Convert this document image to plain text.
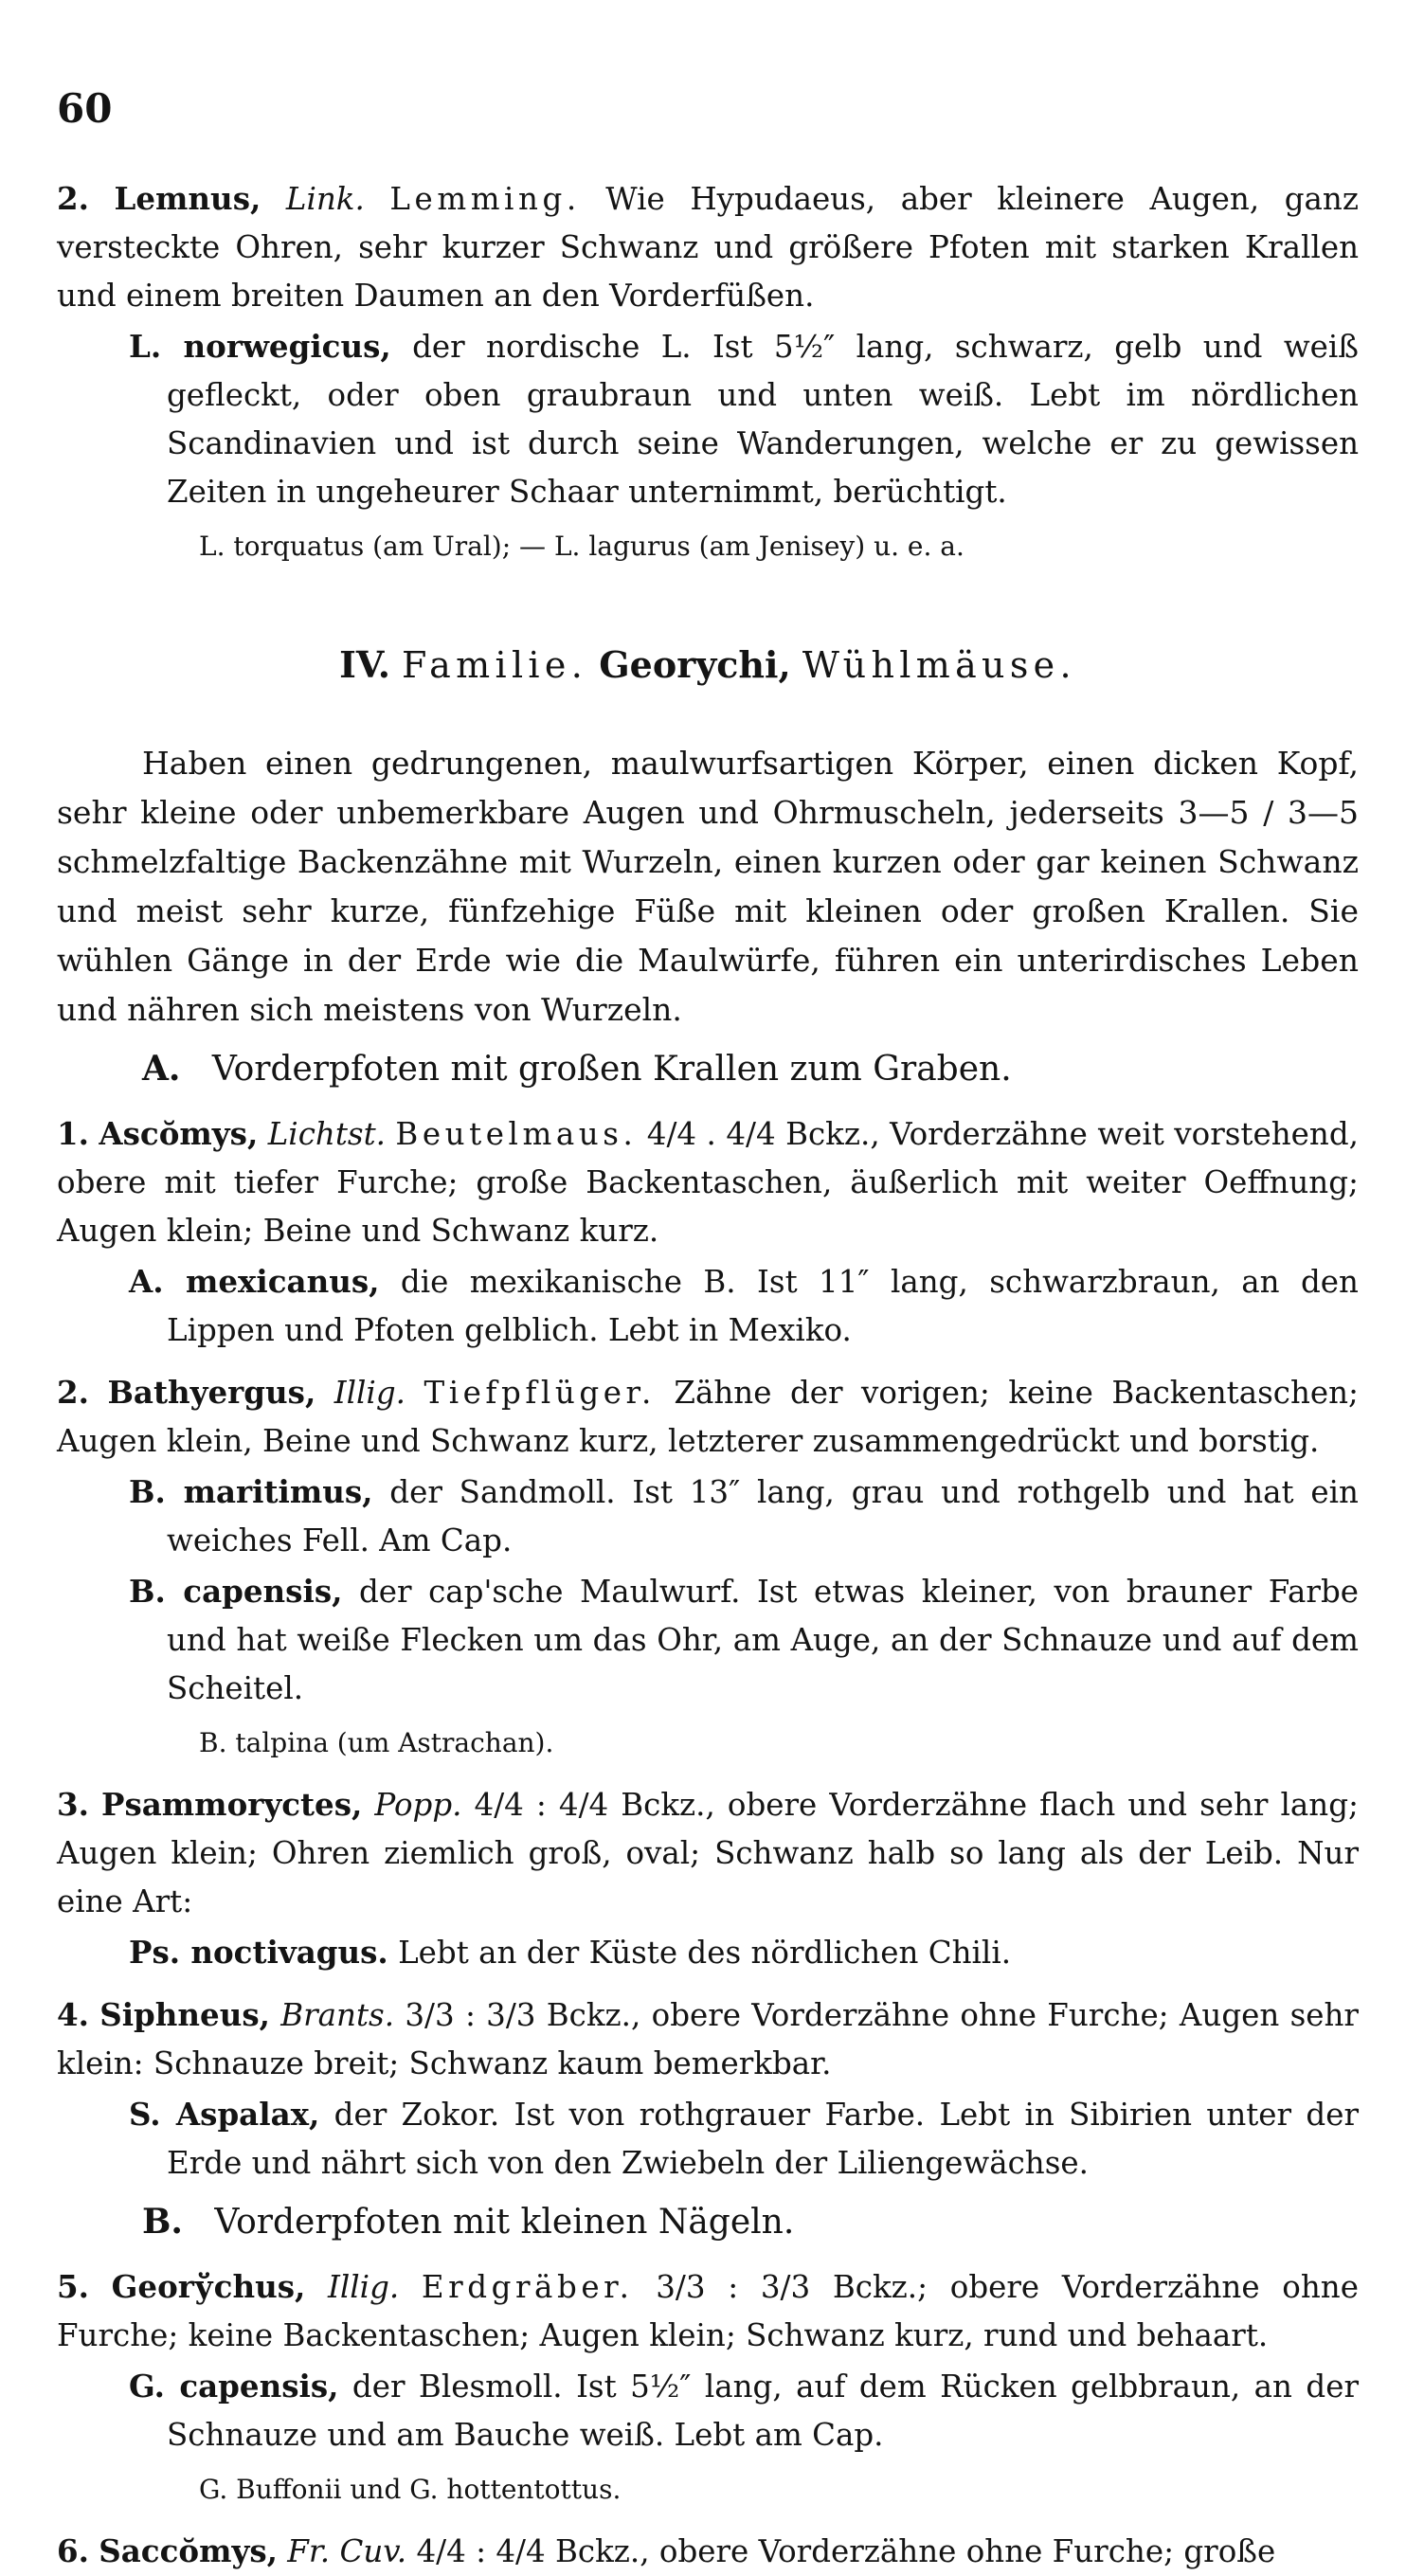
60
2. Lemnus, Link. Lemming. Wie Hypudaeus, aber kleinere Augen, ganz versteckte Ohren, sehr kurzer Schwanz und größere Pfoten mit starken Krallen und einem breiten Daumen an den Vorderfüßen.
L. norwegicus, der nordische L. Ist 5½″ lang, schwarz, gelb und weiß gefleckt, oder oben graubraun und unten weiß. Lebt im nördlichen Scandinavien und ist durch seine Wanderungen, welche er zu gewissen Zeiten in ungeheurer Schaar unternimmt, berüchtigt.
L. torquatus (am Ural); — L. lagurus (am Jenisey) u. e. a.
IV. Familie. Georychi, Wühlmäuse.
Haben einen gedrungenen, maulwurfsartigen Körper, einen dicken Kopf, sehr kleine oder unbemerkbare Augen und Ohrmuscheln, jederseits 3—5 / 3—5 schmelzfaltige Backenzähne mit Wurzeln, einen kurzen oder gar keinen Schwanz und meist sehr kurze, fünfzehige Füße mit kleinen oder großen Krallen. Sie wühlen Gänge in der Erde wie die Maulwürfe, führen ein unterirdisches Leben und nähren sich meistens von Wurzeln.
A. Vorderpfoten mit großen Krallen zum Graben.
1. Ascŏmys, Lichtst. Beutelmaus. 4/4 . 4/4 Bckz., Vorderzähne weit vorstehend, obere mit tiefer Furche; große Backentaschen, äußerlich mit weiter Oeffnung; Augen klein; Beine und Schwanz kurz.
A. mexicanus, die mexikanische B. Ist 11″ lang, schwarzbraun, an den Lippen und Pfoten gelblich. Lebt in Mexiko.
2. Bathyergus, Illig. Tiefpflüger. Zähne der vorigen; keine Backentaschen; Augen klein, Beine und Schwanz kurz, letzterer zusammengedrückt und borstig.
B. maritimus, der Sandmoll. Ist 13″ lang, grau und rothgelb und hat ein weiches Fell. Am Cap.
B. capensis, der cap'sche Maulwurf. Ist etwas kleiner, von brauner Farbe und hat weiße Flecken um das Ohr, am Auge, an der Schnauze und auf dem Scheitel.
B. talpina (um Astrachan).
3. Psammoryctes, Popp. 4/4 : 4/4 Bckz., obere Vorderzähne flach und sehr lang; Augen klein; Ohren ziemlich groß, oval; Schwanz halb so lang als der Leib. Nur eine Art:
Ps. noctivagus. Lebt an der Küste des nördlichen Chili.
4. Siphneus, Brants. 3/3 : 3/3 Bckz., obere Vorderzähne ohne Furche; Augen sehr klein: Schnauze breit; Schwanz kaum bemerkbar.
S. Aspalax, der Zokor. Ist von rothgrauer Farbe. Lebt in Sibirien unter der Erde und nährt sich von den Zwiebeln der Liliengewächse.
B. Vorderpfoten mit kleinen Nägeln.
5. Georўchus, Illig. Erdgräber. 3/3 : 3/3 Bckz.; obere Vorderzähne ohne Furche; keine Backentaschen; Augen klein; Schwanz kurz, rund und behaart.
G. capensis, der Blesmoll. Ist 5½″ lang, auf dem Rücken gelbbraun, an der Schnauze und am Bauche weiß. Lebt am Cap.
G. Buffonii und G. hottentottus.
6. Saccŏmys, Fr. Cuv. 4/4 : 4/4 Bckz., obere Vorderzähne ohne Furche; große
